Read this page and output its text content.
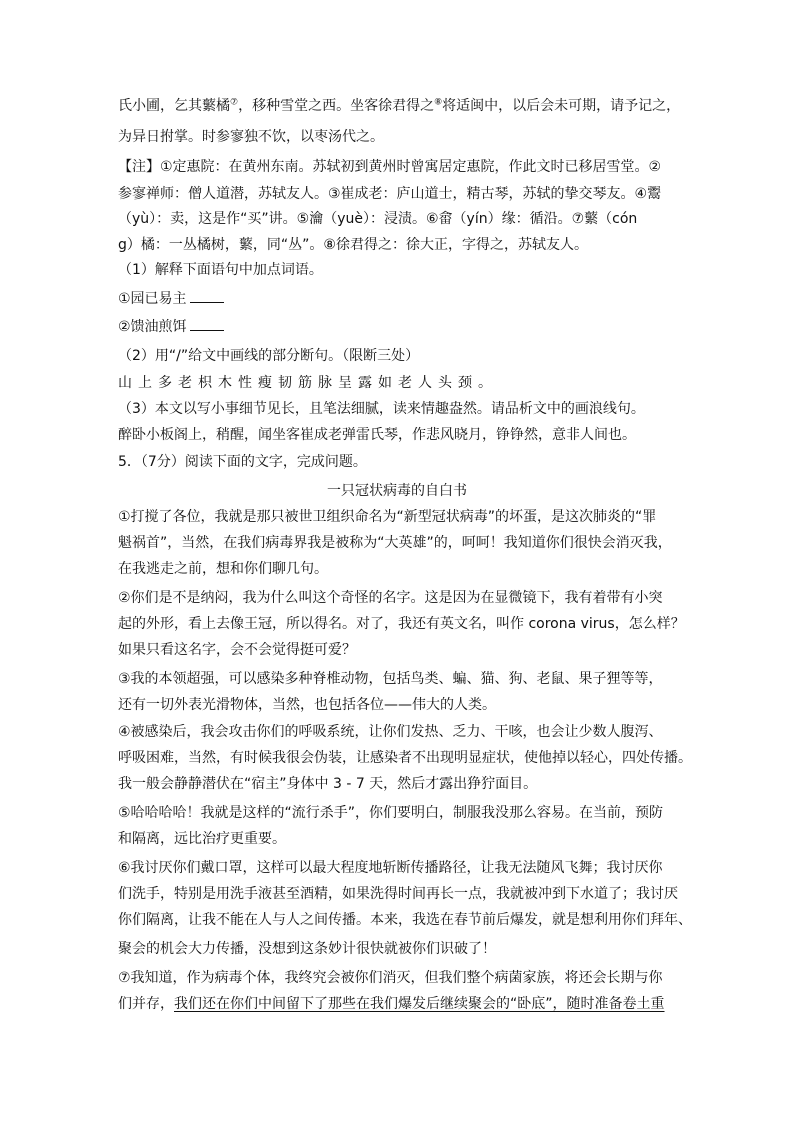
氏小圃，乞其蘩橘⑦，移种雪堂之西。坐客徐君得之⑧将适闽中，以后会未可期，请予记之，
为异日拊掌。时参寥独不饮，以枣汤代之。
【注】①定惠院：在黄州东南。苏轼初到黄州时曾寓居定惠院，作此文时已移居雪堂。②
参寥禅师：僧人道潜，苏轼友人。③崔成老：庐山道士，精古琴，苏轼的挚交琴友。④鬻
（yù）：卖，这是作“买”讲。⑤瀹（yuè）：浸渍。⑥畲（yín）缘：循沿。⑦蘩（cón
g）橘：一丛橘树，蘩，同“丛”。⑧徐君得之：徐大正，字得之，苏轼友人。
（1）解释下面语句中加点词语。
①园已易主
②馈油煎饵
（2）用“/”给文中画线的部分断句。（限断三处）
山上多老枳木性瘦韧筋脉呈露如老人头颈。
（3）本文以写小事细节见长，且笔法细腻，读来情趣盎然。请品析文中的画浪线句。
醉卧小板阁上，稍醒，闻坐客崔成老弹雷氏琴，作悲风晓月，铮铮然，意非人间也。
5．（7分）阅读下面的文字，完成问题。
一只冠状病毒的自白书
①打搅了各位，我就是那只被世卫组织命名为“新型冠状病毒”的坏蛋，是这次肺炎的“罪
魁祸首”，当然，在我们病毒界我是被称为“大英雄”的，呵呵！我知道你们很快会消灭我，
在我逃走之前，想和你们聊几句。
②你们是不是纳闷，我为什么叫这个奇怪的名字。这是因为在显微镜下，我有着带有小突
起的外形，看上去像王冠，所以得名。对了，我还有英文名，叫作 corona virus，怎么样？
如果只看这名字，会不会觉得挺可爱？
③我的本领超强，可以感染多种脊椎动物，包括鸟类、蝙、猫、狗、老鼠、果子狸等等，
还有一切外表光滑物体，当然，也包括各位——伟大的人类。
④被感染后，我会攻击你们的呼吸系统，让你们发热、乏力、干咳，也会让少数人腹泻、
呼吸困难，当然，有时候我很会伪装，让感染者不出现明显症状，使他掉以轻心，四处传播。
我一般会静静潜伏在“宿主”身体中 3 - 7 天，然后才露出狰狞面目。
⑤哈哈哈哈！我就是这样的“流行杀手”，你们要明白，制服我没那么容易。在当前，预防
和隔离，远比治疗更重要。
⑥我讨厌你们戴口罩，这样可以最大程度地斩断传播路径，让我无法随风飞舞；我讨厌你
们洗手，特别是用洗手液甚至酒精，如果洗得时间再长一点，我就被冲到下水道了；我讨厌
你们隔离，让我不能在人与人之间传播。本来，我选在春节前后爆发，就是想利用你们拜年、
聚会的机会大力传播，没想到这条妙计很快就被你们识破了！
⑦我知道，作为病毒个体，我终究会被你们消灭，但我们整个病菌家族，将还会长期与你
们并存，我们还在你们中间留下了那些在我们爆发后继续聚会的“卧底”，随时准备卷土重
